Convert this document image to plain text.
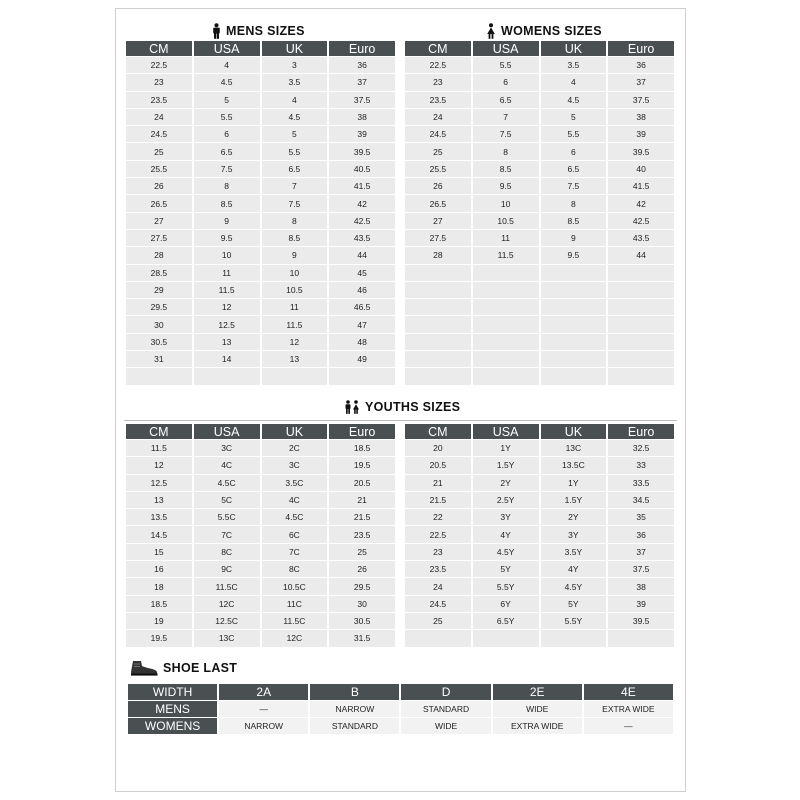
MENS SIZES	WOMENS SIZES
CM	USA	UK	Euro
22.5	4	3	36
23	4.5	3.5	37
23.5	5	4	37.5
24	5.5	4.5	38
24.5	6	5	39
25	6.5	5.5	39.5
25.5	7.5	6.5	40.5
26	8	7	41.5
26.5	8.5	7.5	42
27	9	8	42.5
27.5	9.5	8.5	43.5
28	10	9	44
28.5	11	10	45
29	11.5	10.5	46
29.5	12	11	46.5
30	12.5	11.5	47
30.5	13	12	48
31	14	13	49

CM	USA	UK	Euro
22.5	5.5	3.5	36
23	6	4	37
23.5	6.5	4.5	37.5
24	7	5	38
24.5	7.5	5.5	39
25	8	6	39.5
25.5	8.5	6.5	40
26	9.5	7.5	41.5
26.5	10	8	42
27	10.5	8.5	42.5
27.5	11	9	43.5
28	11.5	9.5	44

YOUTHS SIZES
CM	USA	UK	Euro
11.5	3C	2C	18.5
12	4C	3C	19.5
12.5	4.5C	3.5C	20.5
13	5C	4C	21
13.5	5.5C	4.5C	21.5
14.5	7C	6C	23.5
15	8C	7C	25
16	9C	8C	26
18	11.5C	10.5C	29.5
18.5	12C	11C	30
19	12.5C	11.5C	30.5
19.5	13C	12C	31.5
CM	USA	UK	Euro
20	1Y	13C	32.5
20.5	1.5Y	13.5C	33
21	2Y	1Y	33.5
21.5	2.5Y	1.5Y	34.5
22	3Y	2Y	35
22.5	4Y	3Y	36
23	4.5Y	3.5Y	37
23.5	5Y	4Y	37.5
24	5.5Y	4.5Y	38
24.5	6Y	5Y	39
25	6.5Y	5.5Y	39.5

SHOE LAST
WIDTH	2A	B	D	2E	4E
MENS	—	NARROW	STANDARD	WIDE	EXTRA WIDE
WOMENS	NARROW	STANDARD	WIDE	EXTRA WIDE	—
